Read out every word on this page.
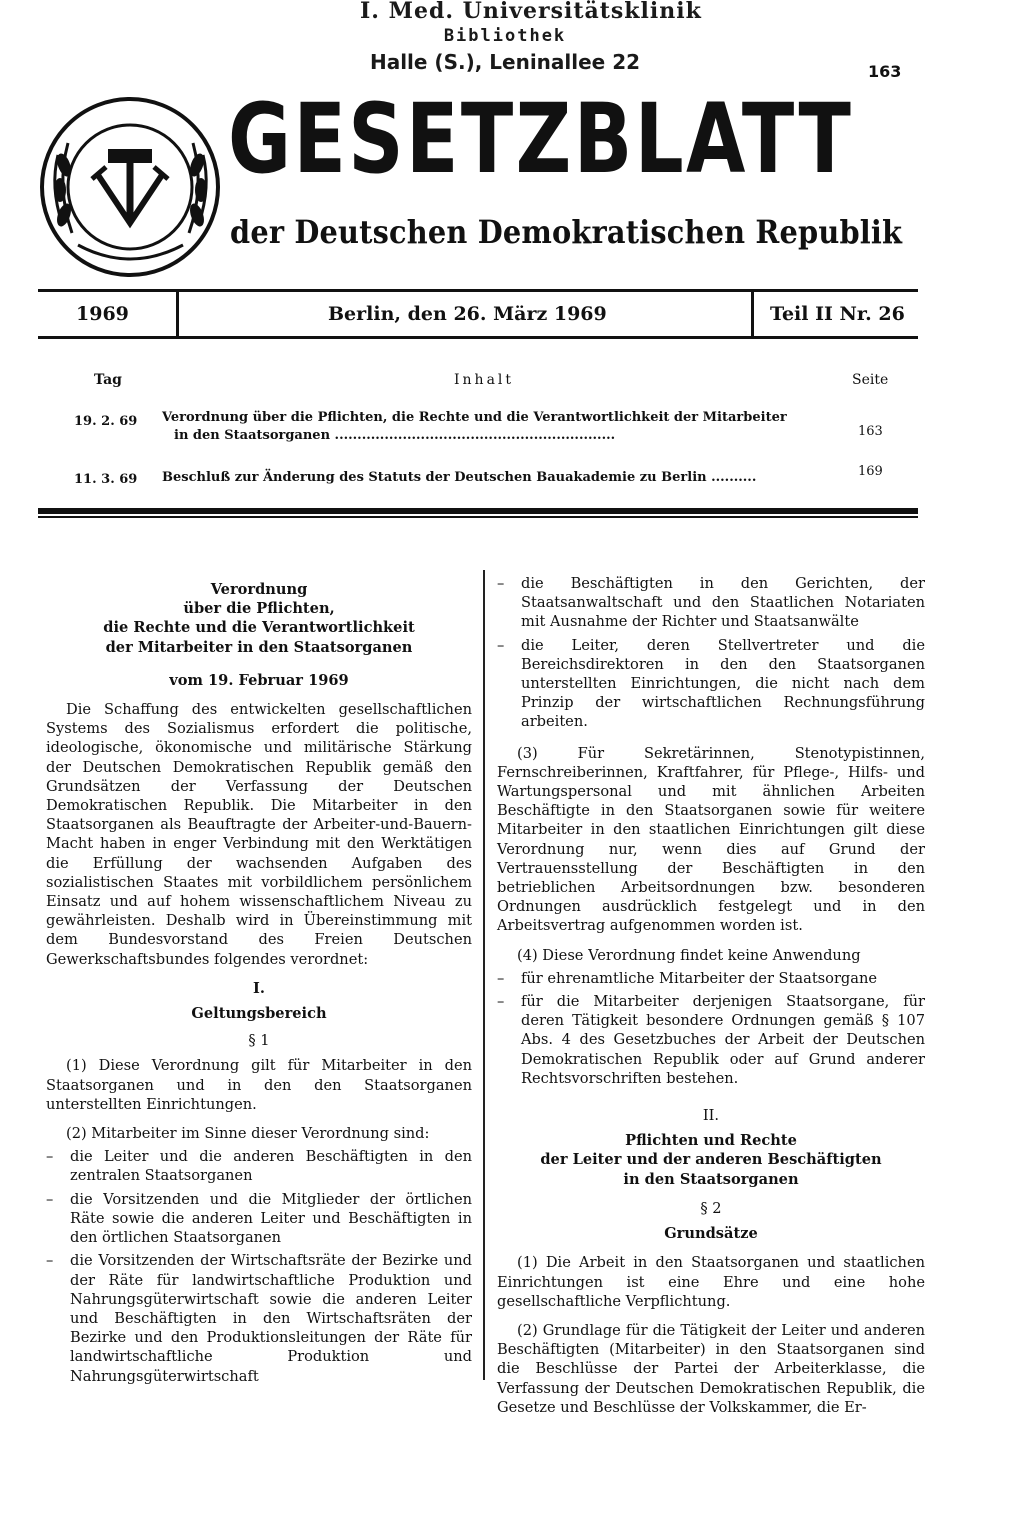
I. Med. Universitätsklinik
Bibliothek
Halle (S.), Leninallee 22	163
GESETZBLATT
der Deutschen Demokratischen Republik
1969	Berlin, den 26. März 1969	Teil II Nr. 26
Tag	Inhalt	Seite
19. 2. 69 Verordnung über die Pflichten, die Rechte und die Verantwortlichkeit der Mitarbeiter
in den Staatsorganen ..............................................................	163
11. 3. 69 Beschluß zur Änderung des Statuts der Deutschen Bauakademie zu Berlin ..........	169
Verordnung
über die Pflichten,
die Rechte und die Verantwortlichkeit
der Mitarbeiter in den Staatsorganen
vom 19. Februar 1969

Die Schaffung des entwickelten gesellschaftlichen Systems des Sozialismus erfordert die politische, ideologische, ökonomische und militärische Stärkung der Deutschen Demokratischen Republik gemäß den Grundsätzen der Verfassung der Deutschen Demokratischen Republik. Die Mitarbeiter in den Staatsorganen als Beauftragte der Arbeiter-und-Bauern-Macht haben in enger Verbindung mit den Werktätigen die Erfüllung der wachsenden Aufgaben des sozialistischen Staates mit vorbildlichem persönlichem Einsatz und auf hohem wissenschaftlichem Niveau zu gewährleisten. Deshalb wird in Übereinstimmung mit dem Bundesvorstand des Freien Deutschen Gewerkschaftsbundes folgendes verordnet:

I.
Geltungsbereich
§ 1

(1) Diese Verordnung gilt für Mitarbeiter in den Staatsorganen und in den den Staatsorganen unterstellten Einrichtungen.

(2) Mitarbeiter im Sinne dieser Verordnung sind:

– die Leiter und die anderen Beschäftigten in den zentralen Staatsorganen
– die Vorsitzenden und die Mitglieder der örtlichen Räte sowie die anderen Leiter und Beschäftigten in den örtlichen Staatsorganen
– die Vorsitzenden der Wirtschaftsräte der Bezirke und der Räte für landwirtschaftliche Produktion und Nahrungsgüterwirtschaft sowie die anderen Leiter und Beschäftigten in den Wirtschaftsräten der Bezirke und den Produktionsleitungen der Räte für landwirtschaftliche Produktion und Nahrungsgüterwirtschaft
– die Beschäftigten in den Gerichten, der Staatsanwaltschaft und den Staatlichen Notariaten mit Ausnahme der Richter und Staatsanwälte
– die Leiter, deren Stellvertreter und die Bereichsdirektoren in den den Staatsorganen unterstellten Einrichtungen, die nicht nach dem Prinzip der wirtschaftlichen Rechnungsführung arbeiten.

(3) Für Sekretärinnen, Stenotypistinnen, Fernschreiberinnen, Kraftfahrer, für Pflege-, Hilfs- und Wartungspersonal und mit ähnlichen Arbeiten Beschäftigte in den Staatsorganen sowie für weitere Mitarbeiter in den staatlichen Einrichtungen gilt diese Verordnung nur, wenn dies auf Grund der Vertrauensstellung der Beschäftigten in den betrieblichen Arbeitsordnungen bzw. besonderen Ordnungen ausdrücklich festgelegt und in den Arbeitsvertrag aufgenommen worden ist.

(4) Diese Verordnung findet keine Anwendung

– für ehrenamtliche Mitarbeiter der Staatsorgane
– für die Mitarbeiter derjenigen Staatsorgane, für deren Tätigkeit besondere Ordnungen gemäß § 107 Abs. 4 des Gesetzbuches der Arbeit der Deutschen Demokratischen Republik oder auf Grund anderer Rechtsvorschriften bestehen.
II.
Pflichten und Rechte
der Leiter und der anderen Beschäftigten
in den Staatsorganen
§ 2
Grundsätze

(1) Die Arbeit in den Staatsorganen und staatlichen Einrichtungen ist eine Ehre und eine hohe gesellschaftliche Verpflichtung.

(2) Grundlage für die Tätigkeit der Leiter und anderen Beschäftigten (Mitarbeiter) in den Staatsorganen sind die Beschlüsse der Partei der Arbeiterklasse, die Verfassung der Deutschen Demokratischen Republik, die Gesetze und Beschlüsse der Volkskammer, die Er-
